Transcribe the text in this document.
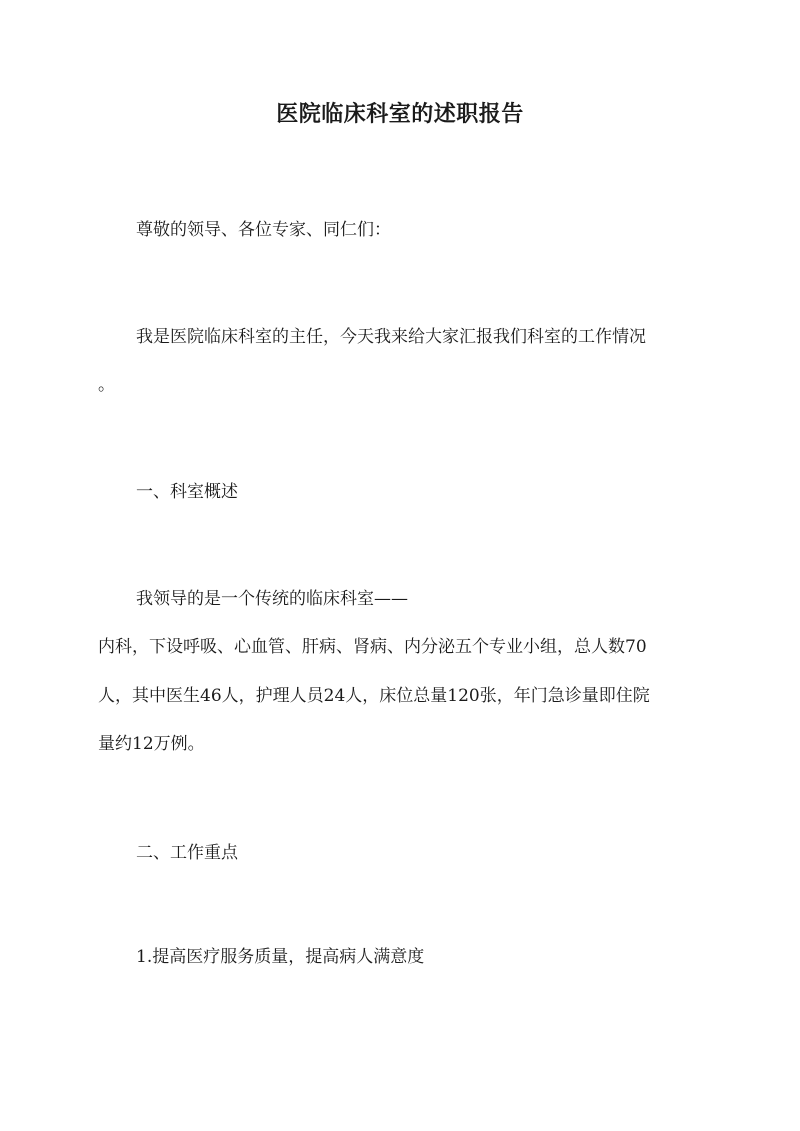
医院临床科室的述职报告
尊敬的领导、各位专家、同仁们：
我是医院临床科室的主任，今天我来给大家汇报我们科室的工作情况
。
一、科室概述
我领导的是一个传统的临床科室——
内科，下设呼吸、心血管、肝病、肾病、内分泌五个专业小组，总人数70
人，其中医生46人，护理人员24人，床位总量120张，年门急诊量即住院
量约12万例。
二、工作重点
1.提高医疗服务质量，提高病人满意度
